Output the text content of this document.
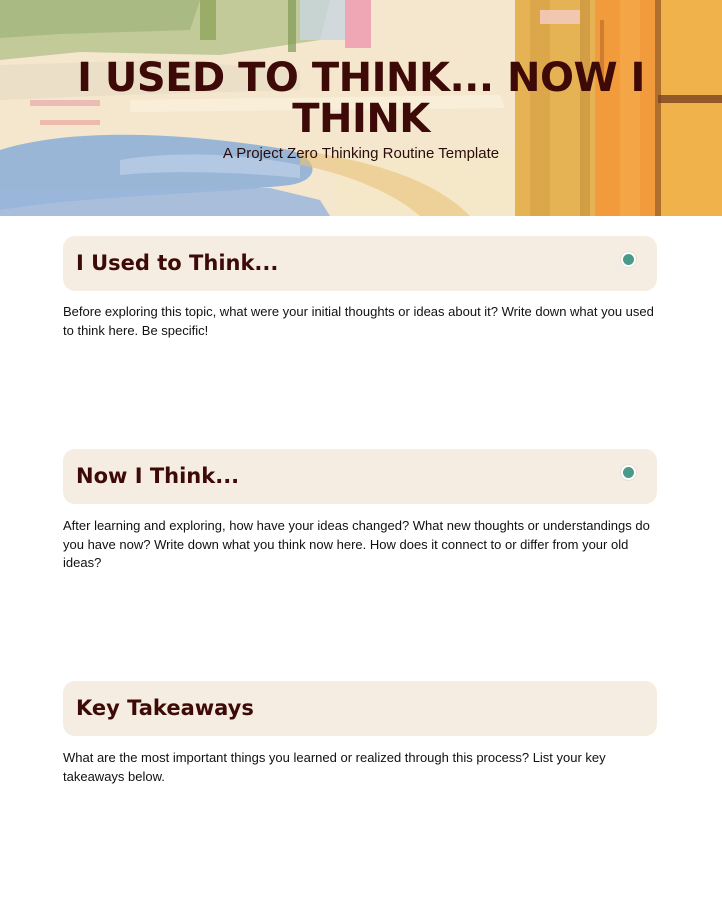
I USED TO THINK... NOW I THINK
A Project Zero Thinking Routine Template
I Used to Think...

Before exploring this topic, what were your initial thoughts or ideas about it? Write down what you used to think here. Be specific!

Now I Think...

After learning and exploring, how have your ideas changed? What new thoughts or understandings do you have now? Write down what you think now here. How does it connect to or differ from your old ideas?

Key Takeaways

What are the most important things you learned or realized through this process? List your key takeaways below.
